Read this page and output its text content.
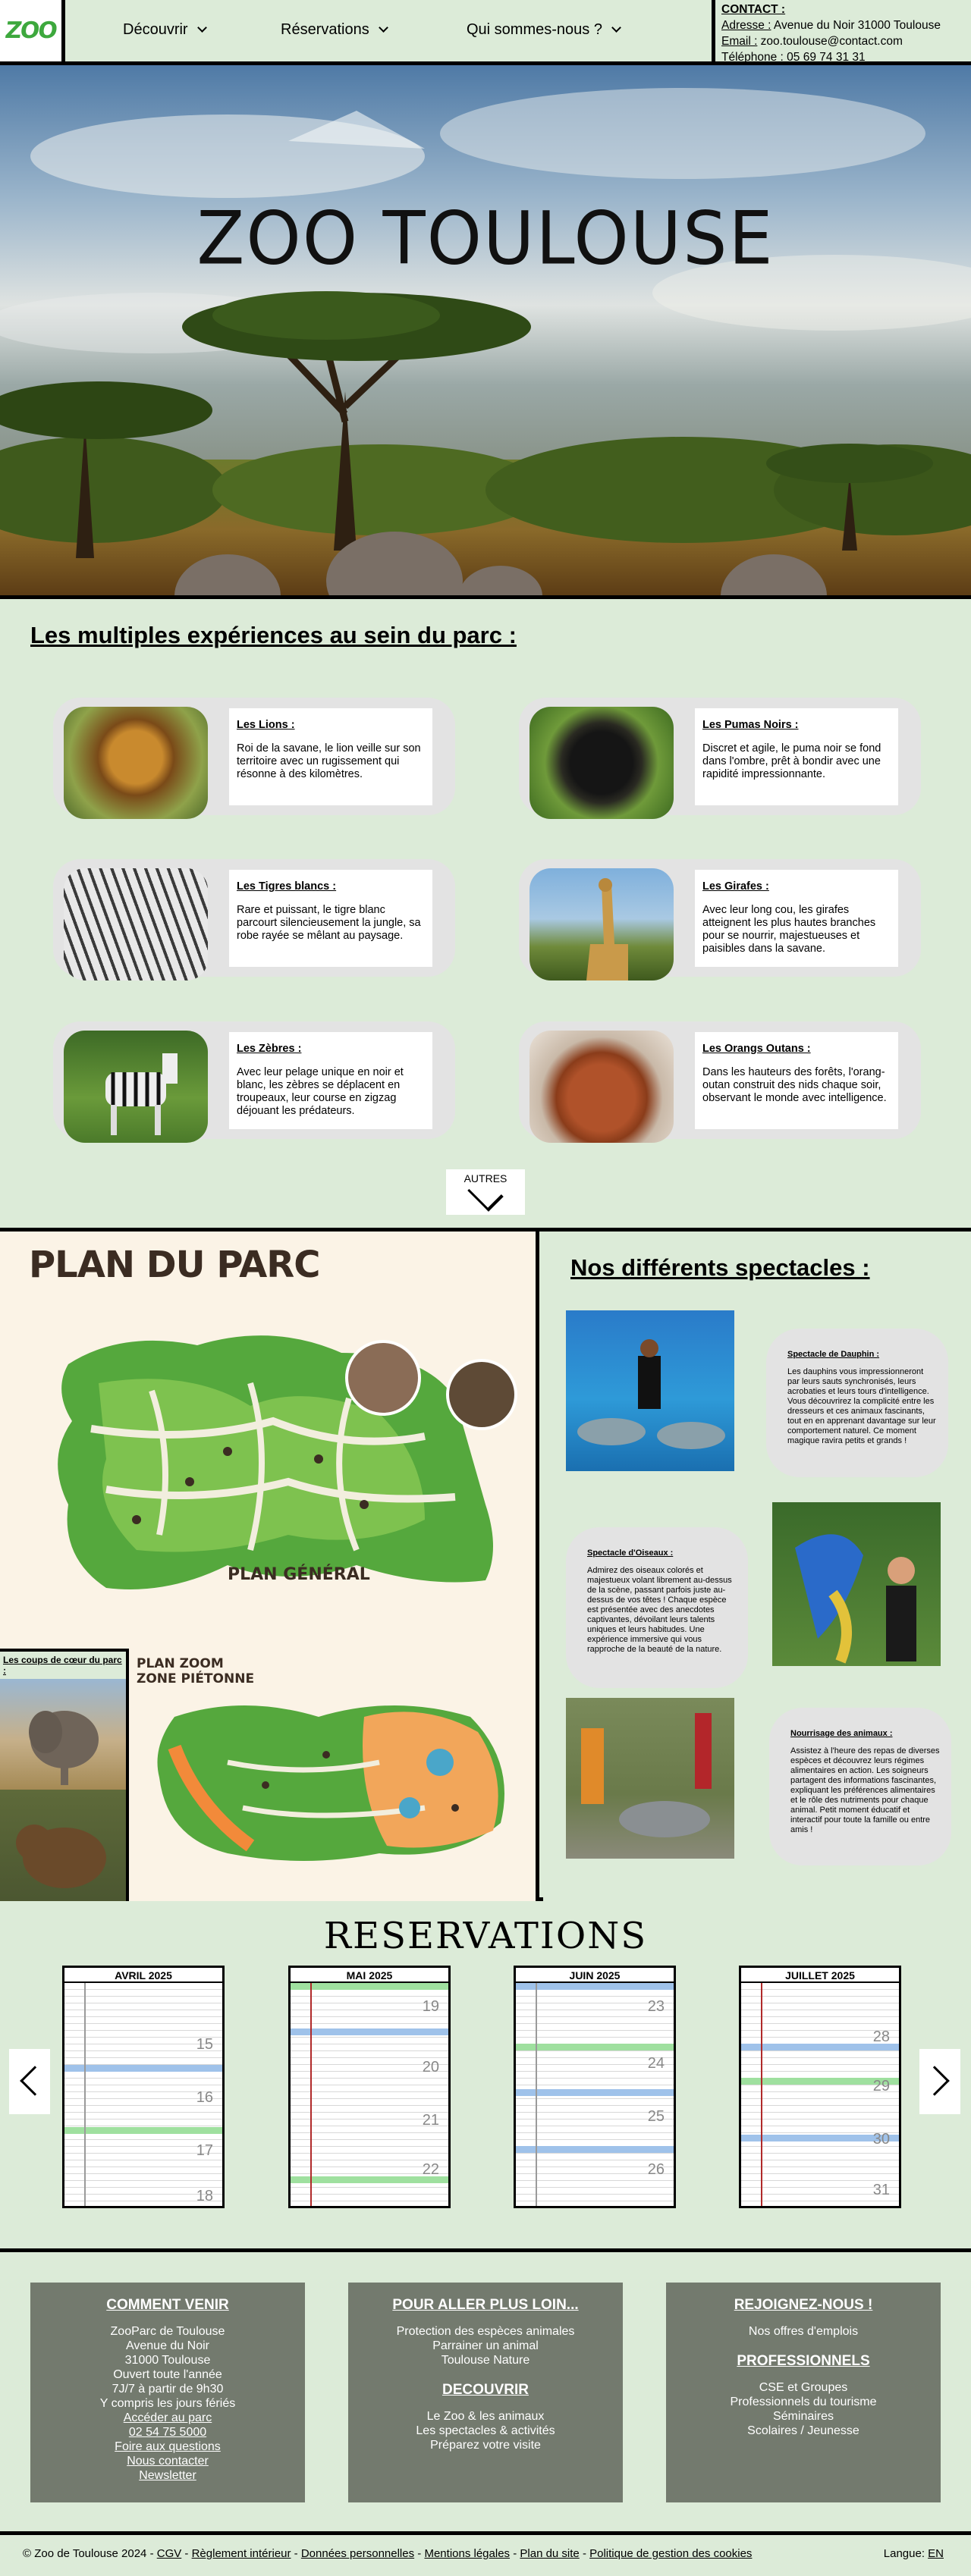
ZOO	Découvrir	Réservations	Qui sommes-nous ?
CONTACT :
Adresse : Avenue du Noir 31000 Toulouse
Email : zoo.toulouse@contact.com
Téléphone : 05 69 74 31 31
ZOO TOULOUSE
Les multiples expériences au sein du parc :
Les Lions :

Roi de la savane, le lion veille sur son territoire avec un rugissement qui résonne à des kilomètres.

Les Pumas Noirs :

Discret et agile, le puma noir se fond dans l'ombre, prêt à bondir avec une rapidité impressionnante.

Les Tigres blancs :

Rare et puissant, le tigre blanc parcourt silencieusement la jungle, sa robe rayée se mêlant au paysage.

Les Girafes :

Avec leur long cou, les girafes atteignent les plus hautes branches pour se nourrir, majestueuses et paisibles dans la savane.

Les Zèbres :

Avec leur pelage unique en noir et blanc, les zèbres se déplacent en troupeaux, leur course en zigzag déjouant les prédateurs.

Les Orangs Outans :

Dans les hauteurs des forêts, l'orang-outan construit des nids chaque soir, observant le monde avec intelligence.

AUTRES
PLAN DU PARC
PLAN GÉNÉRAL
PLAN ZOOM
ZONE PIÉTONNE
Les coups de cœur du parc :
Nos différents spectacles :
Spectacle de Dauphin :

Les dauphins vous impressionneront par leurs sauts synchronisés, leurs acrobaties et leurs tours d'intelligence. Vous découvrirez la complicité entre les dresseurs et ces animaux fascinants, tout en en apprenant davantage sur leur comportement naturel. Ce moment magique ravira petits et grands !

Spectacle d'Oiseaux :

Admirez des oiseaux colorés et majestueux volant librement au-dessus de la scène, passant parfois juste au-dessus de vos têtes ! Chaque espèce est présentée avec des anecdotes captivantes, dévoilant leurs talents uniques et leurs habitudes. Une expérience immersive qui vous rapproche de la beauté de la nature.

Nourrisage des animaux :

Assistez à l'heure des repas de diverses espèces et découvrez leurs régimes alimentaires en action. Les soigneurs partagent des informations fascinantes, expliquant les préférences alimentaires et le rôle des nutriments pour chaque animal. Petit moment éducatif et interactif pour toute la famille ou entre amis !

RESERVATIONS
AVRIL 2025
15
16
17
18
MAI 2025
19
20
21
22
JUIN 2025
23
24
25
26
JUILLET 2025
28
29
30
31
COMMENT VENIR
ZooParc de Toulouse
Avenue du Noir
31000 Toulouse
Ouvert toute l'année
7J/7 à partir de 9h30
Y compris les jours fériés
Accéder au parc
02 54 75 5000
Foire aux questions
Nous contacter
Newsletter
POUR ALLER PLUS LOIN...
Protection des espèces animales
Parrainer un animal
Toulouse Nature
DECOUVRIR
Le Zoo & les animaux
Les spectacles & activités
Préparez votre visite
REJOIGNEZ-NOUS !
Nos offres d'emplois
PROFESSIONNELS
CSE et Groupes
Professionnels du tourisme
Séminaires
Scolaires / Jeunesse
© Zoo de Toulouse 2024 - CGV - Règlement intérieur - Données personnelles - Mentions légales - Plan du site - Politique de gestion des cookies	Langue: EN
